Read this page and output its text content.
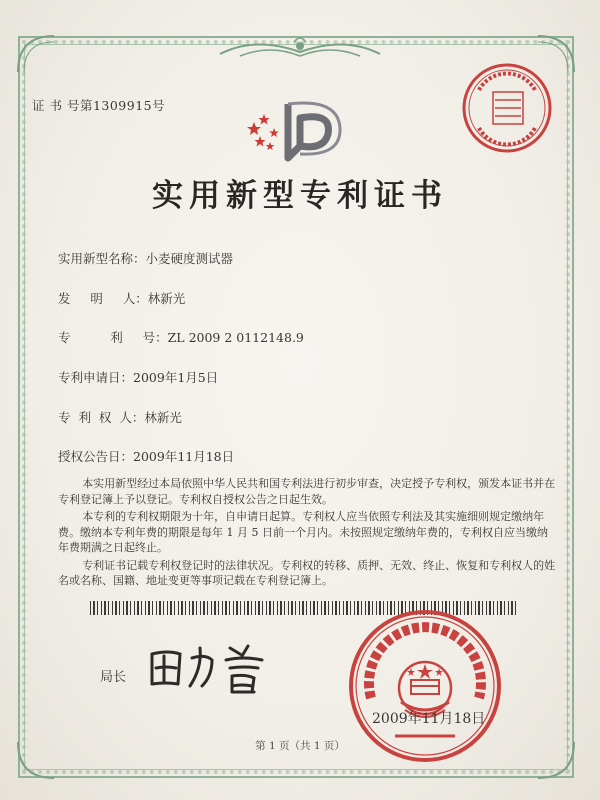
证 书 号第1309915号
实用新型专利证书
实用新型名称：小麦硬度测试器
发     明     人：林新光
专          利     号：ZL 2009 2 0112148.9
专利申请日：2009年1月5日
专  利  权  人：林新光
授权公告日：2009年11月18日

本实用新型经过本局依照中华人民共和国专利法进行初步审查，决定授予专利权，颁发本证书并在专利登记簿上予以登记。专利权自授权公告之日起生效。

本专利的专利权期限为十年，自申请日起算。专利权人应当依照专利法及其实施细则规定缴纳年费。缴纳本专利年费的期限是每年 1 月 5 日前一个月内。未按照规定缴纳年费的，专利权自应当缴纳年费期满之日起终止。

专利证书记载专利权登记时的法律状况。专利权的转移、质押、无效、终止、恢复和专利权人的姓名或名称、国籍、地址变更等事项记载在专利登记簿上。

局长
2009年11月18日
第 1 页（共 1 页）
